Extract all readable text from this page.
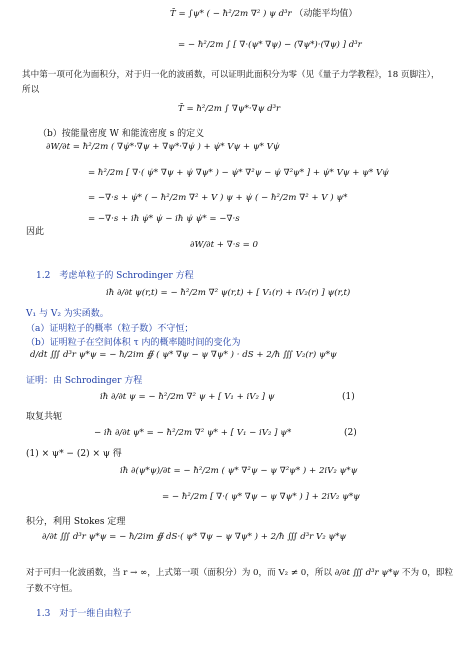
T̄ = ∫ψ* ( − ħ²/2m ∇² ) ψ d³r （动能平均值）
= − ħ²/2m ∫ [ ∇·(ψ* ∇ψ) − (∇ψ*)·(∇ψ) ] d³r
其中第一项可化为面积分，对于归一化的波函数，可以证明此面积分为零（见《量子力学教程》，18 页脚注），
所以
T̄ = ħ²/2m ∫ ∇ψ*·∇ψ d³r
（b）按能量密度 W 和能流密度 s 的定义
∂W/∂t = ħ²/2m ( ∇ψ̇*·∇ψ + ∇ψ*·∇ψ̇ ) + ψ̇* Vψ + ψ* Vψ̇
= ħ²/2m [ ∇·( ψ̇* ∇ψ + ψ̇ ∇ψ* ) − ψ̇* ∇²ψ − ψ̇ ∇²ψ* ] + ψ̇* Vψ + ψ* Vψ̇
= −∇·s + ψ̇* ( − ħ²/2m ∇² + V ) ψ + ψ̇ ( − ħ²/2m ∇² + V ) ψ*
= −∇·s + iħ ψ̇* ψ̇ − iħ ψ̇ ψ̇* = −∇·s
因此
∂W/∂t + ∇·s = 0
1.2　考虑单粒子的 Schrodinger 方程
iħ ∂/∂t ψ(r,t) = − ħ²/2m ∇² ψ(r,t) + [ V₁(r) + iV₂(r) ] ψ(r,t)
V₁ 与 V₂ 为实函数。
（a）证明粒子的概率（粒子数）不守恒；
（b）证明粒子在空间体积 τ 内的概率随时间的变化为
d/dt ∭ d³r ψ*ψ = − ħ/2im ∯ ( ψ* ∇ψ − ψ ∇ψ* ) · dS + 2/ħ ∭ V₂(r) ψ*ψ
证明：由 Schrodinger 方程
iħ ∂/∂t ψ = − ħ²/2m ∇² ψ + [ V₁ + iV₂ ] ψ	(1)
取复共轭
− iħ ∂/∂t ψ* = − ħ²/2m ∇² ψ* + [ V₁ − iV₂ ] ψ*	(2)
(1) × ψ* − (2) × ψ 得
iħ ∂(ψ*ψ)/∂t = − ħ²/2m ( ψ* ∇²ψ − ψ ∇²ψ* ) + 2iV₂ ψ*ψ
= − ħ²/2m [ ∇·( ψ* ∇ψ − ψ ∇ψ* ) ] + 2iV₂ ψ*ψ
积分，利用 Stokes 定理
∂/∂t ∭ d³r ψ*ψ = − ħ/2im ∯ dS·( ψ* ∇ψ − ψ ∇ψ* ) + 2/ħ ∭ d³r V₂ ψ*ψ
对于可归一化波函数，当 r → ∞，上式第一项（面积分）为 0，而 V₂ ≠ 0，所以 ∂/∂t ∭ d³r ψ*ψ 不为 0，即粒
子数不守恒。
1.3　对于一维自由粒子
